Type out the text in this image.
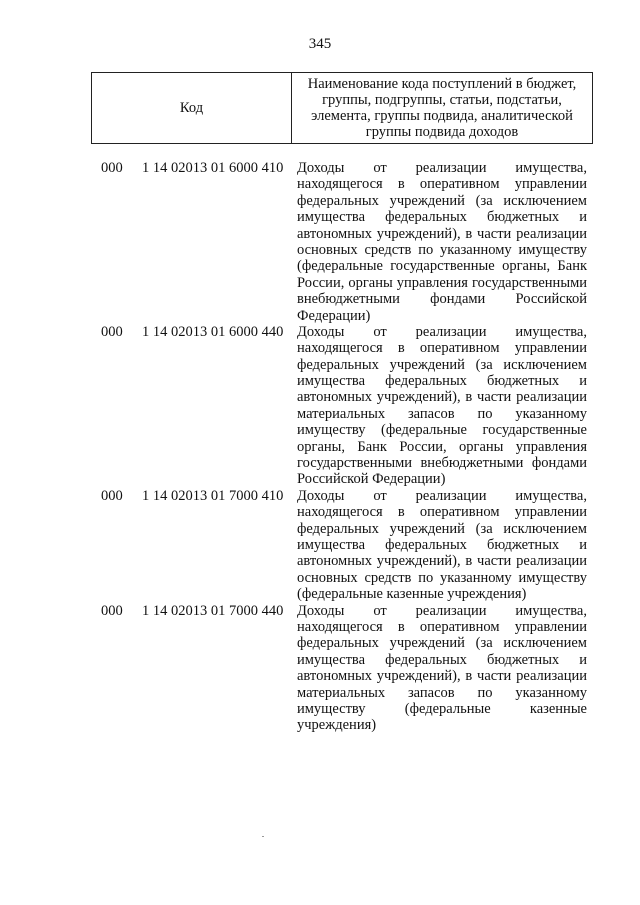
345
Код
Наименование кода поступлений в бюджет, группы, подгруппы, статьи, подстатьи, элемента, группы подвида, аналитической группы подвида доходов
000 1 14 02013 01 6000 410 Доходы от реализации имущества,
находящегося в оперативном управлении
федеральных учреждений (за исключением
имущества федеральных бюджетных и
автономных учреждений), в части реализации
основных средств по указанному имуществу
(федеральные государственные органы, Банк
России, органы управления государственными
внебюджетными фондами Российской
Федерации)
000 1 14 02013 01 6000 440 Доходы от реализации имущества,
находящегося в оперативном управлении
федеральных учреждений (за исключением
имущества федеральных бюджетных и
автономных учреждений), в части реализации
материальных запасов по указанному
имуществу (федеральные государственные
органы, Банк России, органы управления
государственными внебюджетными фондами
Российской Федерации)
000 1 14 02013 01 7000 410 Доходы от реализации имущества,
находящегося в оперативном управлении
федеральных учреждений (за исключением
имущества федеральных бюджетных и
автономных учреждений), в части реализации
основных средств по указанному имуществу
(федеральные казенные учреждения)
000 1 14 02013 01 7000 440 Доходы от реализации имущества,
находящегося в оперативном управлении
федеральных учреждений (за исключением
имущества федеральных бюджетных и
автономных учреждений), в части реализации
материальных запасов по указанному
имуществу (федеральные казенные
учреждения)
